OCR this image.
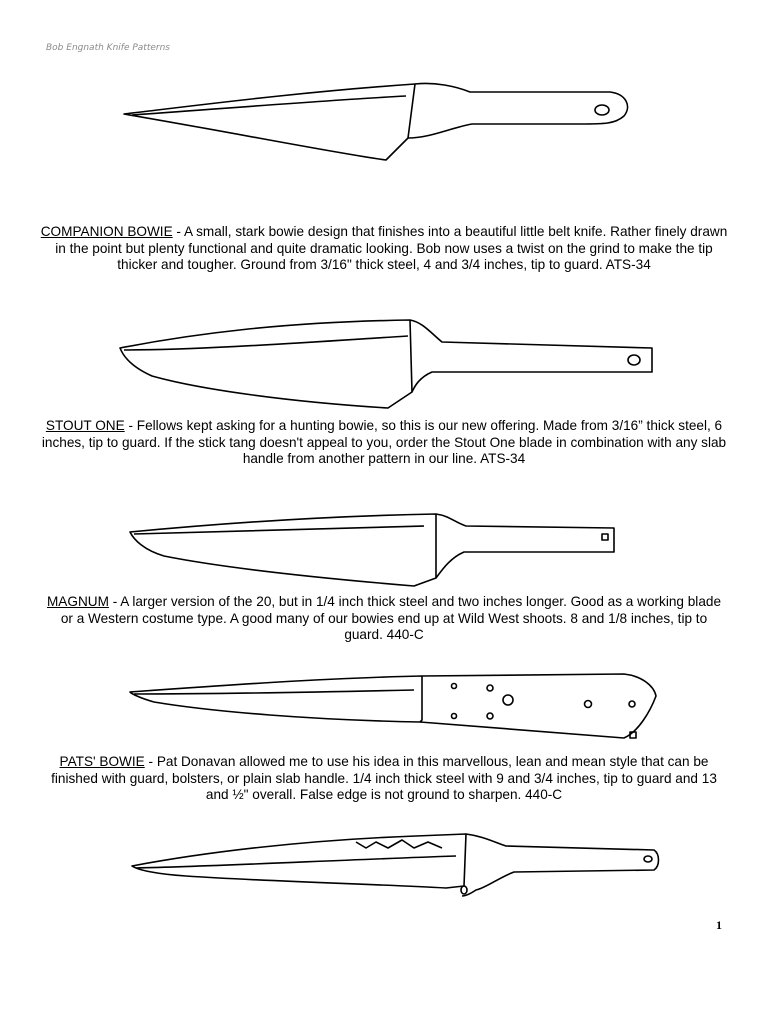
Bob Engnath Knife Patterns
COMPANION BOWIE - A small, stark bowie design that finishes into a beautiful little belt knife. Rather finely drawn in the point but plenty functional and quite dramatic looking. Bob now uses a twist on the grind to make the tip thicker and tougher. Ground from 3/16" thick steel, 4 and 3/4 inches, tip to guard. ATS-34
STOUT ONE - Fellows kept asking for a hunting bowie, so this is our new offering. Made from 3/16” thick steel, 6 inches, tip to guard. If the stick tang doesn't appeal to you, order the Stout One blade in combination with any slab handle from another pattern in our line. ATS-34
MAGNUM - A larger version of the 20, but in 1/4 inch thick steel and two inches longer. Good as a working blade or a Western costume type. A good many of our bowies end up at Wild West shoots. 8 and 1/8 inches, tip to guard. 440-C
PATS' BOWIE - Pat Donavan allowed me to use his idea in this marvellous, lean and mean style that can be finished with guard, bolsters, or plain slab handle. 1/4 inch thick steel with 9 and 3/4 inches, tip to guard and 13 and ½" overall. False edge is not ground to sharpen. 440-C
1
